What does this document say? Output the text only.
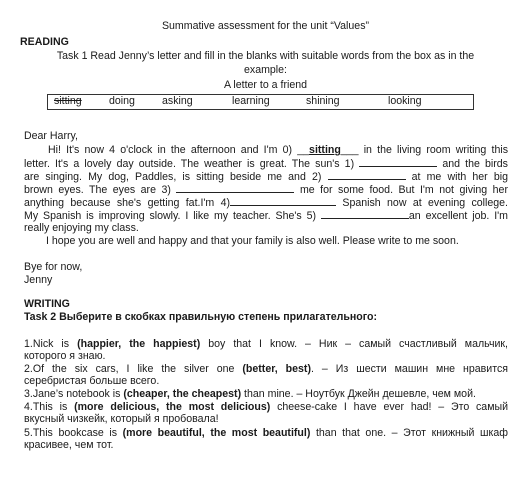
Summative assessment for the unit “Values”
READING
Task 1 Read Jenny’s letter and fill in the blanks with suitable words from the box as in the
example:
A letter to a friend
sitting	doing	asking	learning	shining	looking
Dear Harry,
Hi! It's now 4 o'clock in the afternoon and I'm 0) __sitting___ in the living room writing this
letter. It's a lovely day outside. The weather is great. The sun's 1)	and the birds
are singing. My dog, Paddles, is sitting beside me and 2)	at me with her big
brown eyes. The eyes are 3)	me for some food. But I'm not giving her
anything because she's getting fat.I'm 4)	Spanish now at evening college.
My Spanish is improving slowly. I like my teacher. She's 5)	an excellent job. I'm
really enjoying my class.
I hope you are well and happy and that your family is also well. Please write to me soon.
Bye for now,
Jenny
WRITING
Task 2 Выберите в скобках правильную степень прилагательного:
1.Nick is (happier, the happiest) boy that I know. – Ник – самый счастливый мальчик,
которого я знаю.
2.Of the six cars, I like the silver one (better, best). – Из шести машин мне нравится
серебристая больше всего.
3.Jane’s notebook is (cheaper, the cheapest) than mine. – Ноутбук Джейн дешевле, чем мой.
4.This is (more delicious, the most delicious) cheese-cake I have ever had! – Это самый
вкусный чизкейк, который я пробовала!
5.This bookcase is (more beautiful, the most beautiful) than that one. – Этот книжный шкаф
красивее, чем тот.
